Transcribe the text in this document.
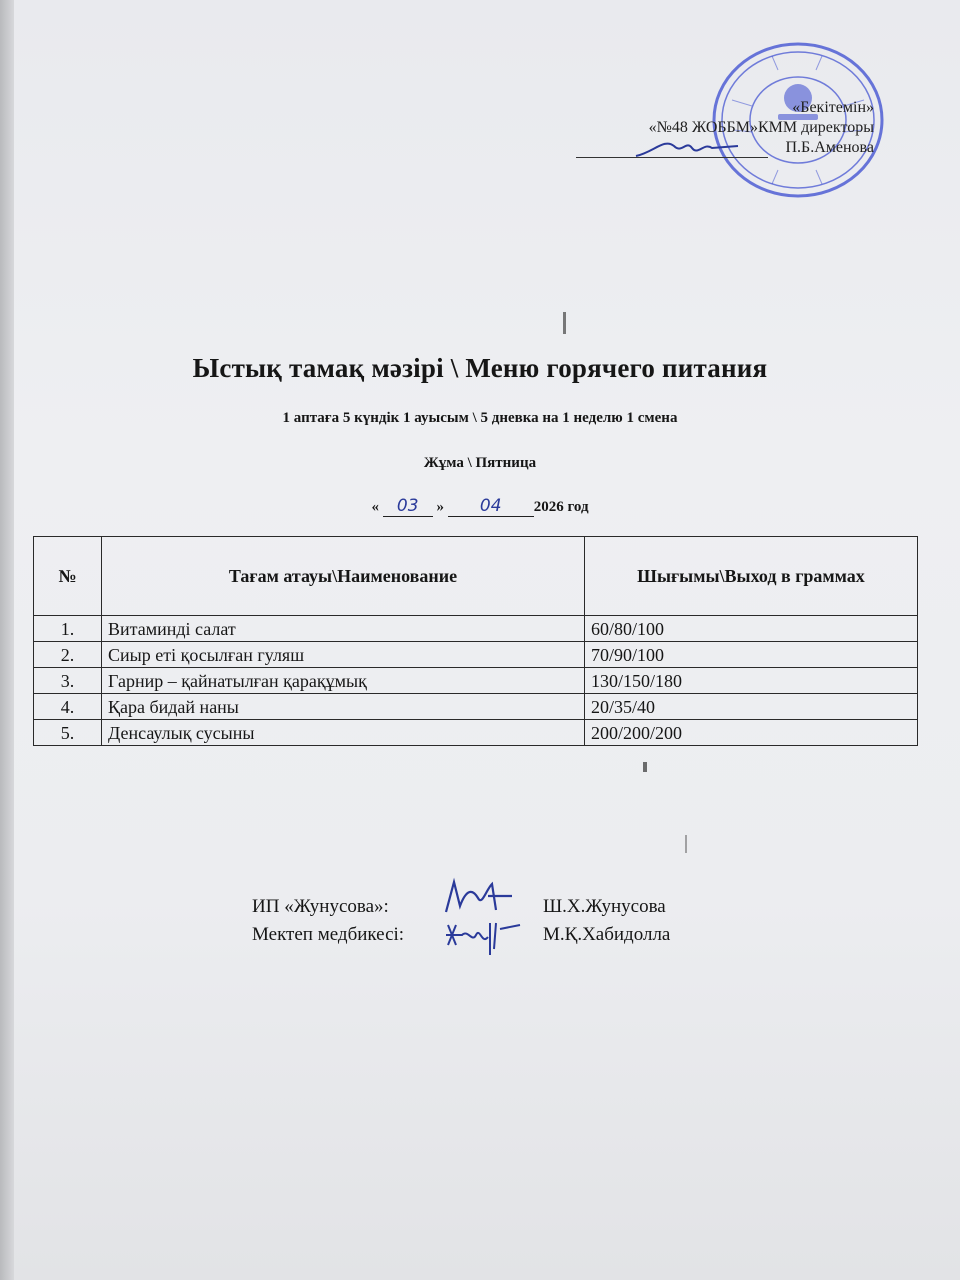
«Бекітемін»
«№48 ЖОББМ»КММ директоры
П.Б.Аменова
Ыстық тамақ мәзірі \ Меню горячего питания
1 аптаға 5 күндік 1 ауысым \ 5 дневка на 1 неделю 1 смена
Жұма \ Пятница
« 03 » 04 2026 год
№	Тағам атауы\Наименование	Шығымы\Выход в граммах
1.	Витаминді салат	60/80/100
2.	Сиыр еті қосылған гуляш	70/90/100
3.	Гарнир – қайнатылған қарақұмық	130/150/180
4.	Қара бидай наны	20/35/40
5.	Денсаулық сусыны	200/200/200
ИП «Жунусова»:	Ш.Х.Жунусова
Мектеп медбикесі:	М.Қ.Хабидолла
